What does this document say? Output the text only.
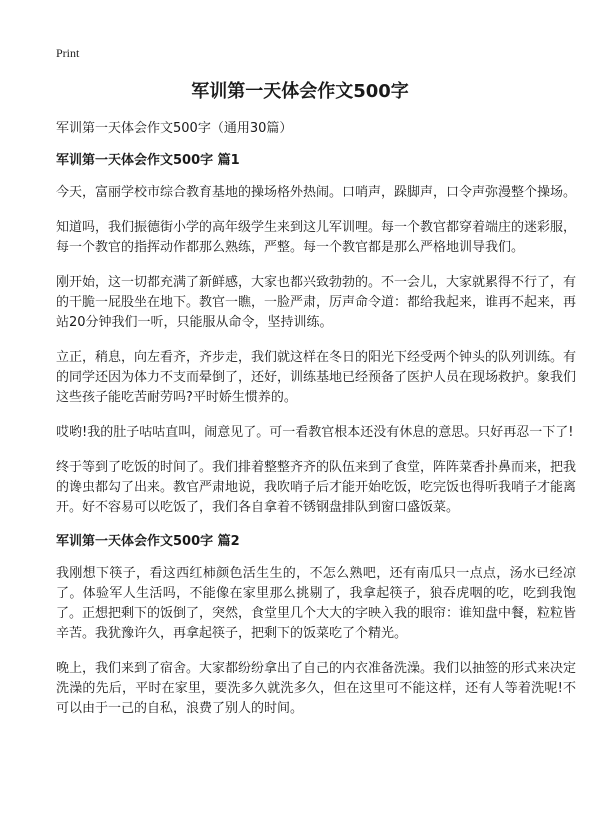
Print
军训第一天体会作文500字

军训第一天体会作文500字（通用30篇）

军训第一天体会作文500字 篇1

今天，富丽学校市综合教育基地的操场格外热闹。口哨声，跺脚声，口令声弥漫整个操场。

知道吗，我们振德街小学的高年级学生来到这儿军训哩。每一个教官都穿着端庄的迷彩服，每一个教官的指挥动作都那么熟练，严整。每一个教官都是那么严格地训导我们。

刚开始，这一切都充满了新鲜感，大家也都兴致勃勃的。不一会儿，大家就累得不行了，有的干脆一屁股坐在地下。教官一瞧，一脸严肃，厉声命令道：都给我起来，谁再不起来，再站20分钟我们一听，只能服从命令，坚持训练。

立正，稍息，向左看齐，齐步走，我们就这样在冬日的阳光下经受两个钟头的队列训练。有的同学还因为体力不支而晕倒了，还好，训练基地已经预备了医护人员在现场救护。象我们这些孩子能吃苦耐劳吗?平时娇生惯养的。

哎哟!我的肚子咕咕直叫，闹意见了。可一看教官根本还没有休息的意思。只好再忍一下了!

终于等到了吃饭的时间了。我们排着整整齐齐的队伍来到了食堂，阵阵菜香扑鼻而来，把我的谗虫都勾了出来。教官严肃地说，我吹哨子后才能开始吃饭，吃完饭也得听我哨子才能离开。好不容易可以吃饭了，我们各自拿着不锈钢盘排队到窗口盛饭菜。

军训第一天体会作文500字 篇2

我刚想下筷子，看这西红柿颜色活生生的，不怎么熟吧，还有南瓜只一点点，汤水已经凉了。体验军人生活吗，不能像在家里那么挑剔了，我拿起筷子，狼吞虎咽的吃，吃到我饱了。正想把剩下的饭倒了，突然，食堂里几个大大的字映入我的眼帘：谁知盘中餐，粒粒皆辛苦。我犹豫许久，再拿起筷子，把剩下的饭菜吃了个精光。

晚上，我们来到了宿舍。大家都纷纷拿出了自己的内衣准备洗澡。我们以抽签的形式来决定洗澡的先后，平时在家里，要洗多久就洗多久，但在这里可不能这样，还有人等着洗呢!不可以由于一己的自私，浪费了别人的时间。
